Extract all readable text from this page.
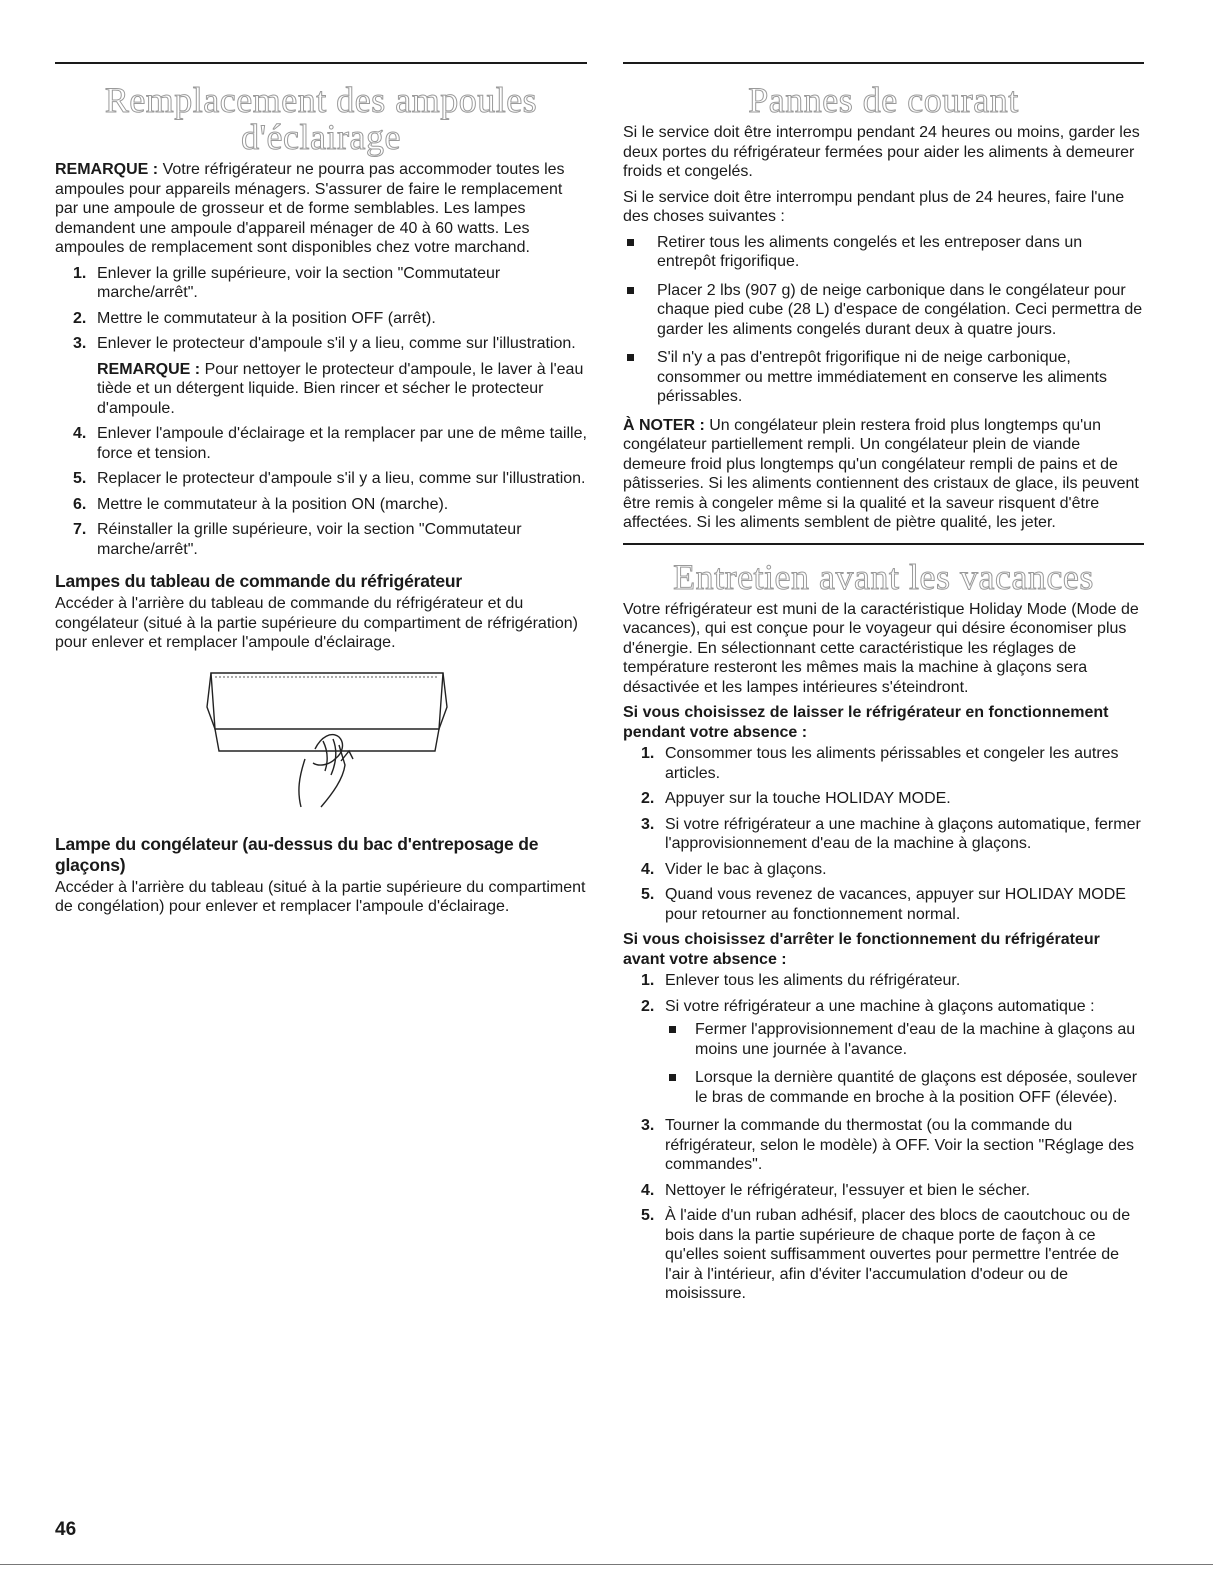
Remplacement des ampoules
d'éclairage

REMARQUE : Votre réfrigérateur ne pourra pas accommoder toutes les ampoules pour appareils ménagers. S'assurer de faire le remplacement par une ampoule de grosseur et de forme semblables. Les lampes demandent une ampoule d'appareil ménager de 40 à 60 watts. Les ampoules de remplacement sont disponibles chez votre marchand.

1. Enlever la grille supérieure, voir la section "Commutateur marche/arrêt".
2. Mettre le commutateur à la position OFF (arrêt).
3. Enlever le protecteur d'ampoule s'il y a lieu, comme sur l'illustration.
REMARQUE : Pour nettoyer le protecteur d'ampoule, le laver à l'eau tiède et un détergent liquide. Bien rincer et sécher le protecteur d'ampoule.
4. Enlever l'ampoule d'éclairage et la remplacer par une de même taille, force et tension.
5. Replacer le protecteur d'ampoule s'il y a lieu, comme sur l'illustration.
6. Mettre le commutateur à la position ON (marche).
7. Réinstaller la grille supérieure, voir la section "Commutateur marche/arrêt".
Lampes du tableau de commande du réfrigérateur

Accéder à l'arrière du tableau de commande du réfrigérateur et du congélateur (situé à la partie supérieure du compartiment de réfrigération) pour enlever et remplacer l'ampoule d'éclairage.

Lampe du congélateur (au-dessus du bac d'entreposage de glaçons)

Accéder à l'arrière du tableau (situé à la partie supérieure du compartiment de congélation) pour enlever et remplacer l'ampoule d'éclairage.

Pannes de courant

Si le service doit être interrompu pendant 24 heures ou moins, garder les deux portes du réfrigérateur fermées pour aider les aliments à demeurer froids et congelés.

Si le service doit être interrompu pendant plus de 24 heures, faire l'une des choses suivantes :

Retirer tous les aliments congelés et les entreposer dans un entrepôt frigorifique.
Placer 2 lbs (907 g) de neige carbonique dans le congélateur pour chaque pied cube (28 L) d'espace de congélation. Ceci permettra de garder les aliments congelés durant deux à quatre jours.
S'il n'y a pas d'entrepôt frigorifique ni de neige carbonique, consommer ou mettre immédiatement en conserve les aliments périssables.

À NOTER : Un congélateur plein restera froid plus longtemps qu'un congélateur partiellement rempli. Un congélateur plein de viande demeure froid plus longtemps qu'un congélateur rempli de pains et de pâtisseries. Si les aliments contiennent des cristaux de glace, ils peuvent être remis à congeler même si la qualité et la saveur risquent d'être affectées. Si les aliments semblent de piètre qualité, les jeter.

Entretien avant les vacances

Votre réfrigérateur est muni de la caractéristique Holiday Mode (Mode de vacances), qui est conçue pour le voyageur qui désire économiser plus d'énergie. En sélectionnant cette caractéristique les réglages de température resteront les mêmes mais la machine à glaçons sera désactivée et les lampes intérieures s'éteindront.

Si vous choisissez de laisser le réfrigérateur en fonctionnement pendant votre absence :
1. Consommer tous les aliments périssables et congeler les autres articles.
2. Appuyer sur la touche HOLIDAY MODE.
3. Si votre réfrigérateur a une machine à glaçons automatique, fermer l'approvisionnement d'eau de la machine à glaçons.
4. Vider le bac à glaçons.
5. Quand vous revenez de vacances, appuyer sur HOLIDAY MODE pour retourner au fonctionnement normal.
Si vous choisissez d'arrêter le fonctionnement du réfrigérateur avant votre absence :
1. Enlever tous les aliments du réfrigérateur.
2. Si votre réfrigérateur a une machine à glaçons automatique :
Fermer l'approvisionnement d'eau de la machine à glaçons au moins une journée à l'avance.
Lorsque la dernière quantité de glaçons est déposée, soulever le bras de commande en broche à la position OFF (élevée).
3. Tourner la commande du thermostat (ou la commande du réfrigérateur, selon le modèle) à OFF. Voir la section "Réglage des commandes".
4. Nettoyer le réfrigérateur, l'essuyer et bien le sécher.
5. À l'aide d'un ruban adhésif, placer des blocs de caoutchouc ou de bois dans la partie supérieure de chaque porte de façon à ce qu'elles soient suffisamment ouvertes pour permettre l'entrée de l'air à l'intérieur, afin d'éviter l'accumulation d'odeur ou de moisissure.
46
